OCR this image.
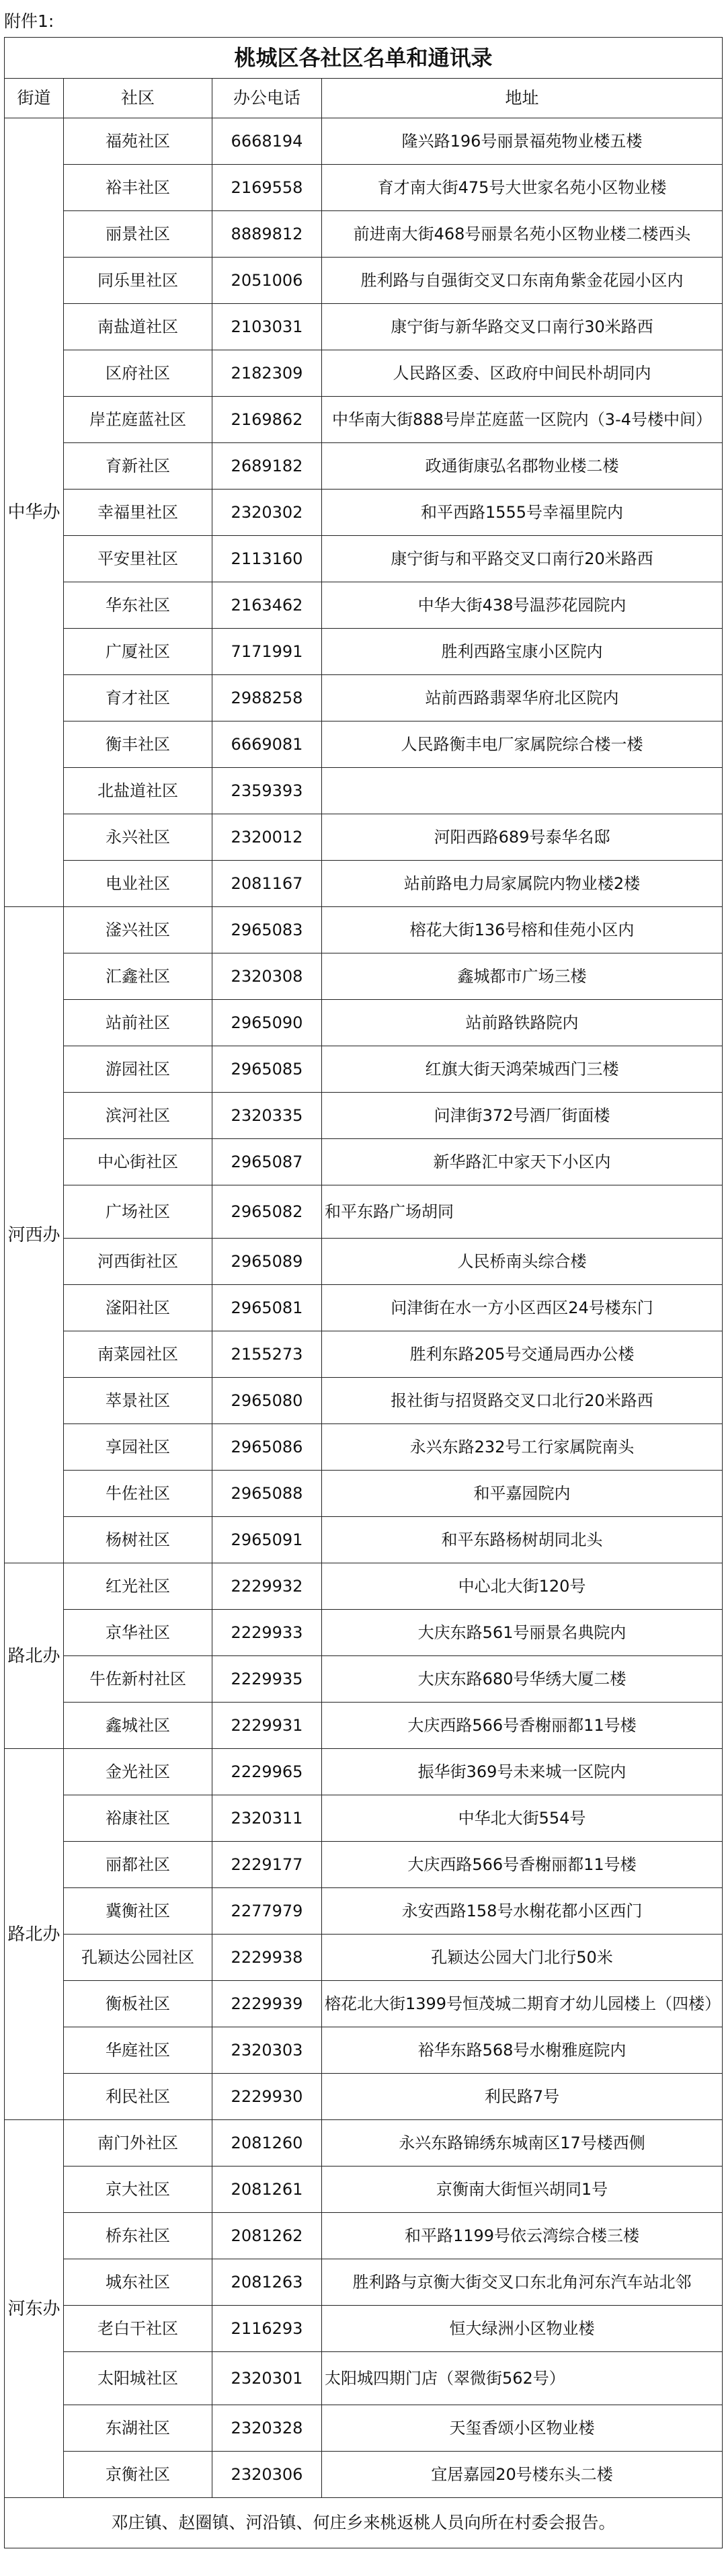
附件1:
桃城区各社区名单和通讯录			
街道	社区	办公电话	地址
中华办	福苑社区	6668194	隆兴路196号丽景福苑物业楼五楼
	裕丰社区	2169558	育才南大街475号大世家名苑小区物业楼
	丽景社区	8889812	前进南大街468号丽景名苑小区物业楼二楼西头
	同乐里社区	2051006	胜利路与自强街交叉口东南角紫金花园小区内
	南盐道社区	2103031	康宁街与新华路交叉口南行30米路西
	区府社区	2182309	人民路区委、区政府中间民朴胡同内
	岸芷庭蓝社区	2169862	中华南大街888号岸芷庭蓝一区院内（3-4号楼中间）
	育新社区	2689182	政通街康弘名郡物业楼二楼
	幸福里社区	2320302	和平西路1555号幸福里院内
	平安里社区	2113160	康宁街与和平路交叉口南行20米路西
	华东社区	2163462	中华大街438号温莎花园院内
	广厦社区	7171991	胜利西路宝康小区院内
	育才社区	2988258	站前西路翡翠华府北区院内
	衡丰社区	6669081	人民路衡丰电厂家属院综合楼一楼
	北盐道社区	2359393	
	永兴社区	2320012	河阳西路689号泰华名邸
	电业社区	2081167	站前路电力局家属院内物业楼2楼
河西办	滏兴社区	2965083	榕花大街136号榕和佳苑小区内
	汇鑫社区	2320308	鑫城都市广场三楼
	站前社区	2965090	站前路铁路院内
	游园社区	2965085	红旗大街天鸿荣城西门三楼
	滨河社区	2320335	问津街372号酒厂街面楼
	中心街社区	2965087	新华路汇中家天下小区内
	广场社区	2965082	和平东路广场胡同
	河西街社区	2965089	人民桥南头综合楼
	滏阳社区	2965081	问津街在水一方小区西区24号楼东门
	南菜园社区	2155273	胜利东路205号交通局西办公楼
	萃景社区	2965080	报社街与招贤路交叉口北行20米路西
	享园社区	2965086	永兴东路232号工行家属院南头
	牛佐社区	2965088	和平嘉园院内
	杨树社区	2965091	和平东路杨树胡同北头
路北办	红光社区	2229932	中心北大街120号
	京华社区	2229933	大庆东路561号丽景名典院内
	牛佐新村社区	2229935	大庆东路680号华绣大厦二楼
	鑫城社区	2229931	大庆西路566号香榭丽都11号楼
路北办	金光社区	2229965	振华街369号未来城一区院内
	裕康社区	2320311	中华北大街554号
	丽都社区	2229177	大庆西路566号香榭丽都11号楼
	冀衡社区	2277979	永安西路158号水榭花都小区西门
	孔颖达公园社区	2229938	孔颖达公园大门北行50米
	衡板社区	2229939	榕花北大街1399号恒茂城二期育才幼儿园楼上（四楼）
	华庭社区	2320303	裕华东路568号水榭雅庭院内
	利民社区	2229930	利民路7号
河东办	南门外社区	2081260	永兴东路锦绣东城南区17号楼西侧
	京大社区	2081261	京衡南大街恒兴胡同1号
	桥东社区	2081262	和平路1199号依云湾综合楼三楼
	城东社区	2081263	胜利路与京衡大街交叉口东北角河东汽车站北邻
	老白干社区	2116293	恒大绿洲小区物业楼
	太阳城社区	2320301	太阳城四期门店（翠微街562号）
	东湖社区	2320328	天玺香颂小区物业楼
	京衡社区	2320306	宜居嘉园20号楼东头二楼
邓庄镇、赵圈镇、河沿镇、何庄乡来桃返桃人员向所在村委会报告。			
